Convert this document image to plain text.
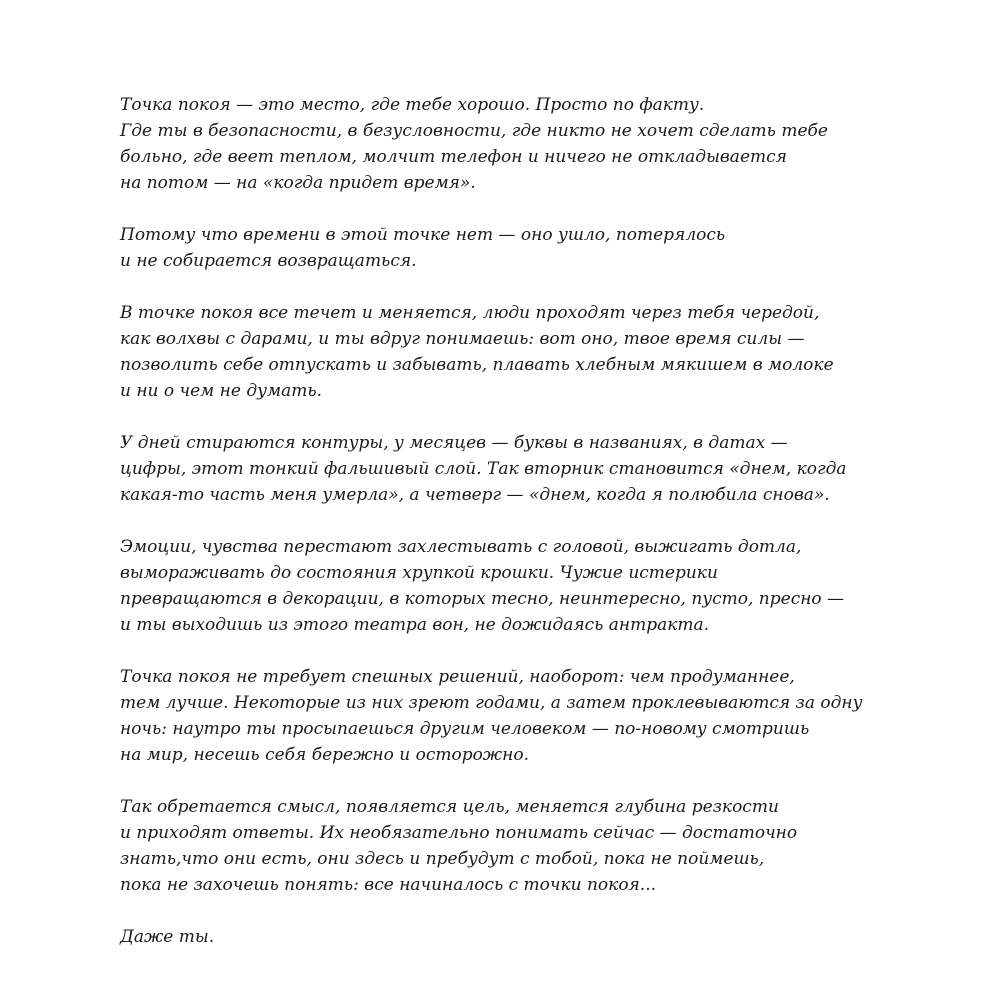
Точка покоя — это место, где тебе хорошо. Просто по факту.
Где ты в безопасности, в безусловности, где никто не хочет сделать тебе
больно, где веет теплом, молчит телефон и ничего не откладывается
на потом — на «когда придет время».

Потому что времени в этой точке нет — оно ушло, потерялось
и не собирается возвращаться.

В точке покоя все течет и меняется, люди проходят через тебя чередой,
как волхвы с дарами, и ты вдруг понимаешь: вот оно, твое время силы —
позволить себе отпускать и забывать, плавать хлебным мякишем в молоке
и ни о чем не думать.

У дней стираются контуры, у месяцев — буквы в названиях, в датах —
цифры, этот тонкий фальшивый слой. Так вторник становится «днем, когда
какая-то часть меня умерла», а четверг — «днем, когда я полюбила снова».

Эмоции, чувства перестают захлестывать с головой, выжигать дотла,
вымораживать до состояния хрупкой крошки. Чужие истерики
превращаются в декорации, в которых тесно, неинтересно, пусто, пресно —
и ты выходишь из этого театра вон, не дожидаясь антракта.

Точка покоя не требует спешных решений, наоборот: чем продуманнее,
тем лучше. Некоторые из них зреют годами, а затем проклевываются за одну
ночь: наутро ты просыпаешься другим человеком — по-новому смотришь
на мир, несешь себя бережно и осторожно.

Так обретается смысл, появляется цель, меняется глубина резкости
и приходят ответы. Их необязательно понимать сейчас — достаточно
знать,что они есть, они здесь и пребудут с тобой, пока не поймешь,
пока не захочешь понять: все начиналось с точки покоя...

Даже ты.
